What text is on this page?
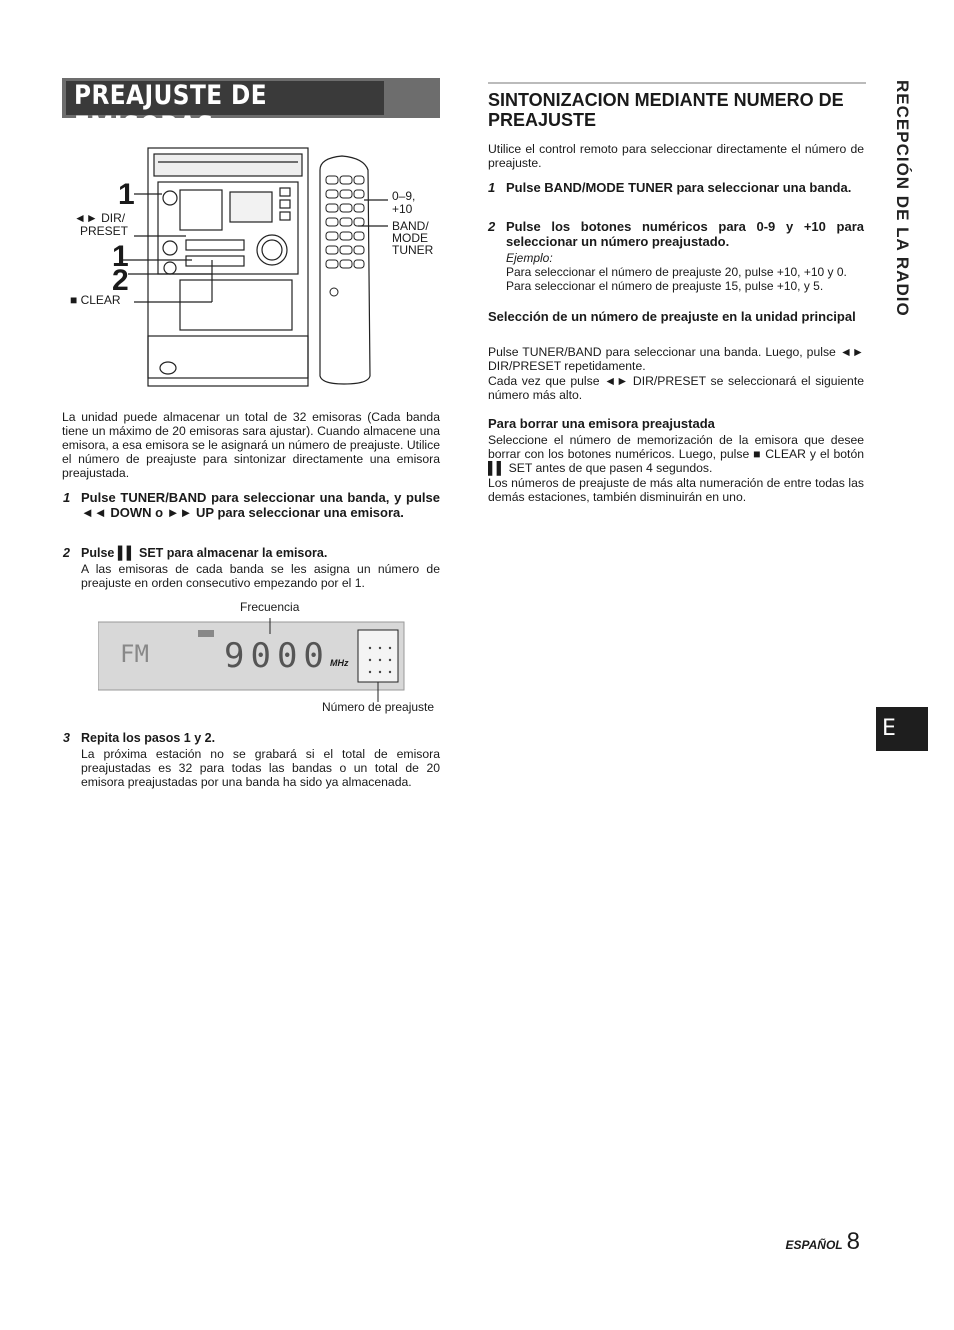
PREAJUSTE DE EMISORAS
1
◄► DIR/
PRESET
1
2
■ CLEAR
0–9,
+10
BAND/
MODE
TUNER
La unidad puede almacenar un total de 32 emisoras (Cada banda tiene un máximo de 20 emisoras sara ajustar). Cuando almacene una emisora, a esa emisora se le asignará un número de preajuste. Utilice el número de preajuste para sintonizar directamente una emisora preajustada.
1 Pulse TUNER/BAND para seleccionar una banda, y pulse ◄◄ DOWN o ►► UP para seleccionar una emisora.
2 Pulse ▌▌ SET para almacenar la emisora.
A las emisoras de cada banda se les asigna un número de preajuste en orden consecutivo empezando por el 1.
Frecuencia
FM 9000 MHz
Número de preajuste
3 Repita los pasos 1 y 2.
La próxima estación no se grabará si el total de emisora preajustadas es 32 para todas las bandas o un total de 20 emisora preajustadas por una banda ha sido ya almacenada.
SINTONIZACION MEDIANTE NUMERO DE PREAJUSTE
Utilice el control remoto para seleccionar directamente el número de preajuste.
1 Pulse BAND/MODE TUNER para seleccionar una banda.
2 Pulse los botones numéricos para 0-9 y +10 para seleccionar un número preajustado.
Ejemplo:
Para seleccionar el número de preajuste 20, pulse +10, +10 y 0.
Para seleccionar el número de preajuste 15, pulse +10, y 5.
Selección de un número de preajuste en la unidad principal
Pulse TUNER/BAND para seleccionar una banda. Luego, pulse ◄► DIR/PRESET repetidamente.
Cada vez que pulse ◄► DIR/PRESET se seleccionará el siguiente número más alto.
Para borrar una emisora preajustada
Seleccione el número de memorización de la emisora que desee borrar con los botones numéricos. Luego, pulse ■ CLEAR y el botón ▌▌ SET antes de que pasen 4 segundos.
Los números de preajuste de más alta numeración de entre todas las demás estaciones, también disminuirán en uno.
RECEPCIÓN DE LA RADIO
E
ESPAÑOL 8
